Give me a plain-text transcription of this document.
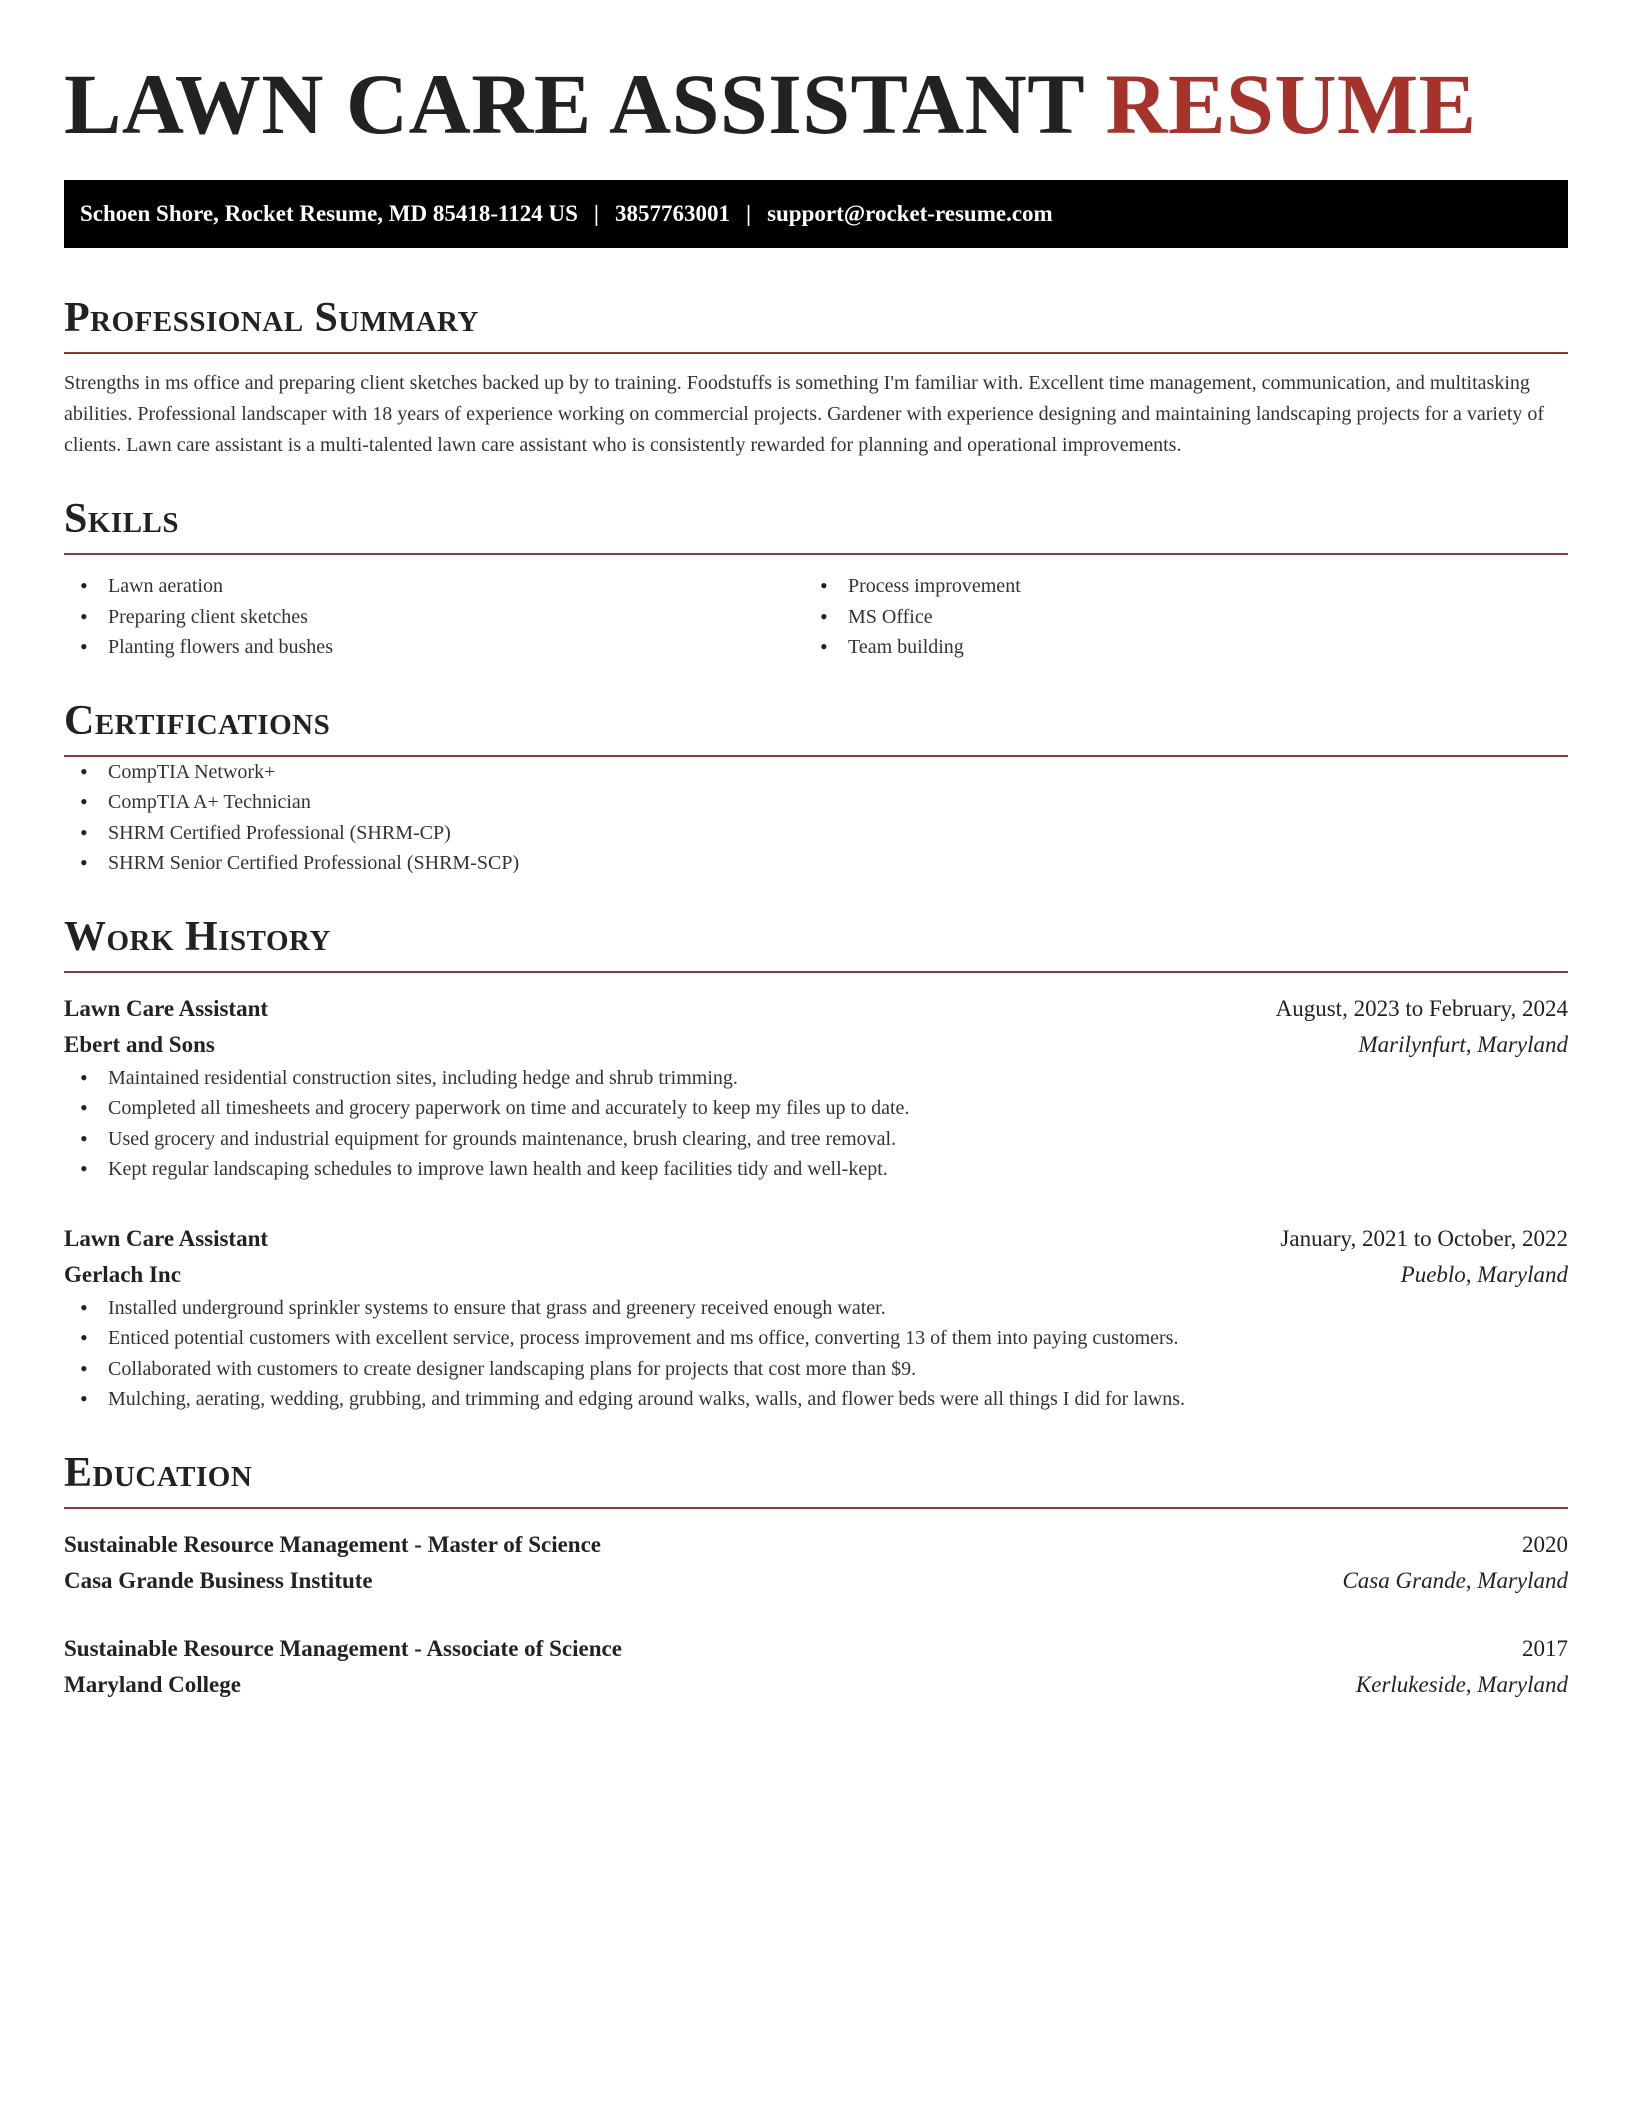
LAWN CARE ASSISTANT RESUME
Schoen Shore, Rocket Resume, MD 85418-1124 US | 3857763001 | support@rocket-resume.com
Professional Summary

Strengths in ms office and preparing client sketches backed up by to training. Foodstuffs is something I'm familiar with. Excellent time management, communication, and multitasking abilities. Professional landscaper with 18 years of experience working on commercial projects. Gardener with experience designing and maintaining landscaping projects for a variety of clients. Lawn care assistant is a multi-talented lawn care assistant who is consistently rewarded for planning and operational improvements.

Skills
• Lawn aeration
• Preparing client sketches
• Planting flowers and bushes
• Process improvement
• MS Office
• Team building
Certifications
• CompTIA Network+
• CompTIA A+ Technician
• SHRM Certified Professional (SHRM-CP)
• SHRM Senior Certified Professional (SHRM-SCP)
Work History
Lawn Care Assistant	August, 2023 to February, 2024
Ebert and Sons	Marilynfurt, Maryland
• Maintained residential construction sites, including hedge and shrub trimming.
• Completed all timesheets and grocery paperwork on time and accurately to keep my files up to date.
• Used grocery and industrial equipment for grounds maintenance, brush clearing, and tree removal.
• Kept regular landscaping schedules to improve lawn health and keep facilities tidy and well-kept.
Lawn Care Assistant	January, 2021 to October, 2022
Gerlach Inc	Pueblo, Maryland
• Installed underground sprinkler systems to ensure that grass and greenery received enough water.
• Enticed potential customers with excellent service, process improvement and ms office, converting 13 of them into paying customers.
• Collaborated with customers to create designer landscaping plans for projects that cost more than $9.
• Mulching, aerating, wedding, grubbing, and trimming and edging around walks, walls, and flower beds were all things I did for lawns.
Education
Sustainable Resource Management - Master of Science	2020
Casa Grande Business Institute	Casa Grande, Maryland
Sustainable Resource Management - Associate of Science	2017
Maryland College	Kerlukeside, Maryland
